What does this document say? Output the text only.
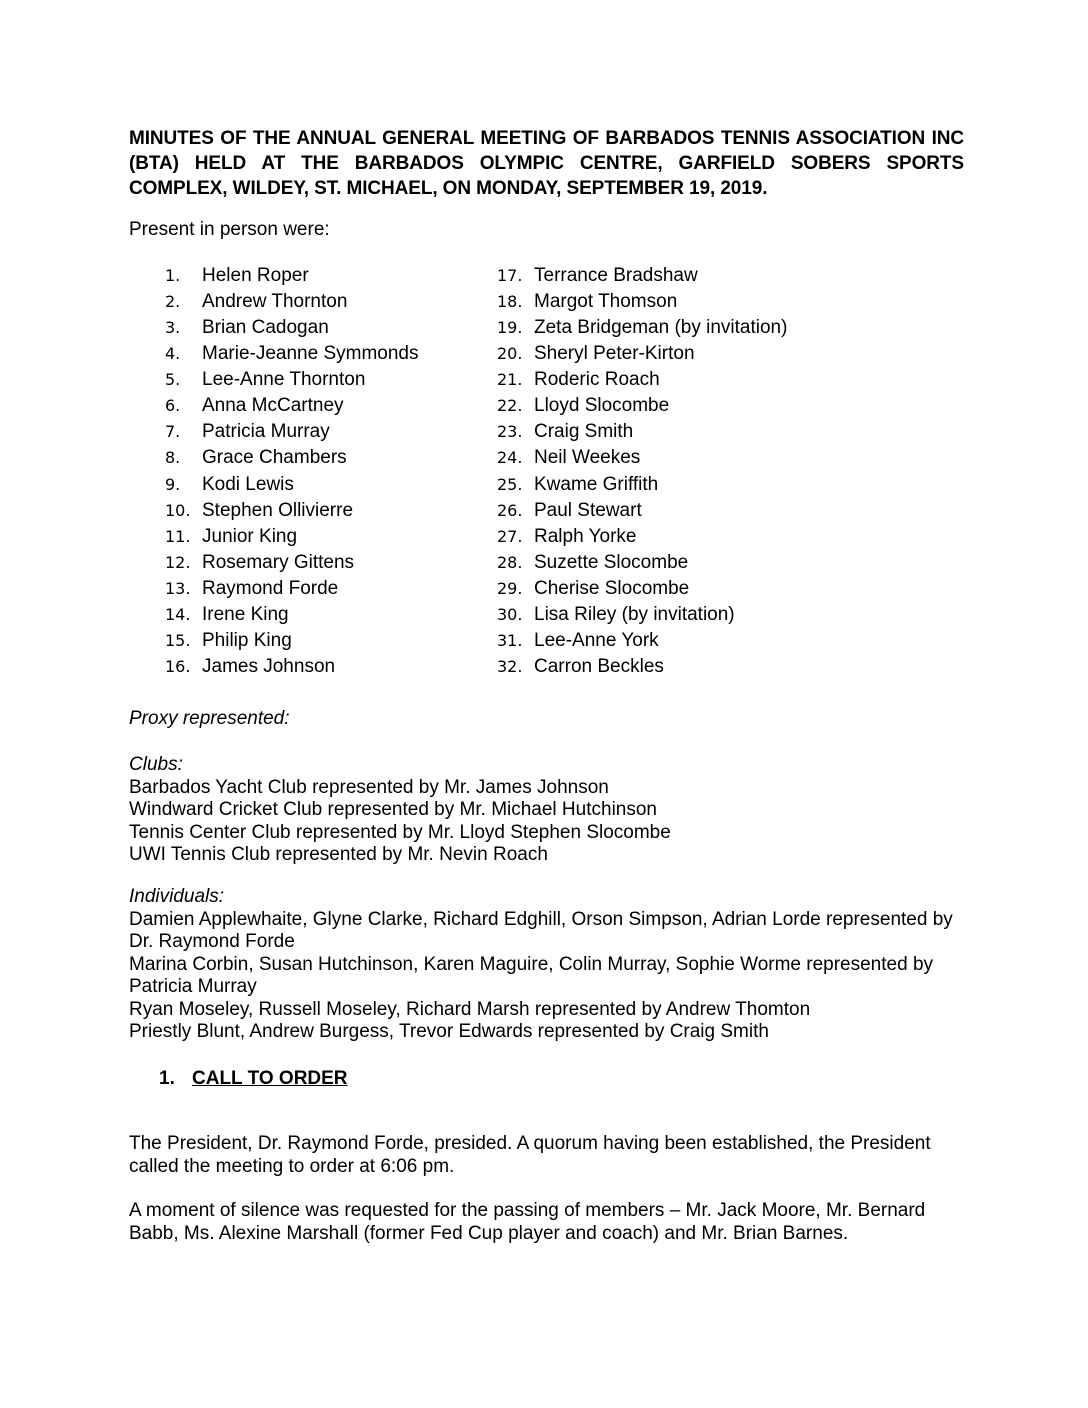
MINUTES OF THE ANNUAL GENERAL MEETING OF BARBADOS TENNIS ASSOCIATION INC (BTA) HELD AT THE BARBADOS OLYMPIC CENTRE, GARFIELD SOBERS SPORTS COMPLEX, WILDEY, ST. MICHAEL, ON MONDAY, SEPTEMBER 19, 2019.
Present in person were:
1.	Helen Roper
2.	Andrew Thornton
3.	Brian Cadogan
4.	Marie-Jeanne Symmonds
5.	Lee-Anne Thornton
6.	Anna McCartney
7.	Patricia Murray
8.	Grace Chambers
9.	Kodi Lewis
10. Stephen Ollivierre
11. Junior King
12. Rosemary Gittens
13. Raymond Forde
14. Irene King
15. Philip King
16. James Johnson
17. Terrance Bradshaw
18. Margot Thomson
19. Zeta Bridgeman (by invitation)
20. Sheryl Peter-Kirton
21. Roderic Roach
22. Lloyd Slocombe
23. Craig Smith
24. Neil Weekes
25. Kwame Griffith
26. Paul Stewart
27. Ralph Yorke
28. Suzette Slocombe
29. Cherise Slocombe
30. Lisa Riley (by invitation)
31. Lee-Anne York
32. Carron Beckles
Proxy represented:
Clubs:
Barbados Yacht Club represented by Mr. James Johnson
Windward Cricket Club represented by Mr. Michael Hutchinson
Tennis Center Club represented by Mr. Lloyd Stephen Slocombe
UWI Tennis Club represented by Mr. Nevin Roach
Individuals:
Damien Applewhaite, Glyne Clarke, Richard Edghill, Orson Simpson, Adrian Lorde represented by Dr. Raymond Forde
Marina Corbin, Susan Hutchinson, Karen Maguire, Colin Murray, Sophie Worme represented by Patricia Murray
Ryan Moseley, Russell Moseley, Richard Marsh represented by Andrew Thomton
Priestly Blunt, Andrew Burgess, Trevor Edwards represented by Craig Smith
1. CALL TO ORDER
The President, Dr. Raymond Forde, presided. A quorum having been established, the President called the meeting to order at 6:06 pm.
A moment of silence was requested for the passing of members – Mr. Jack Moore, Mr. Bernard Babb, Ms. Alexine Marshall (former Fed Cup player and coach) and Mr. Brian Barnes.
